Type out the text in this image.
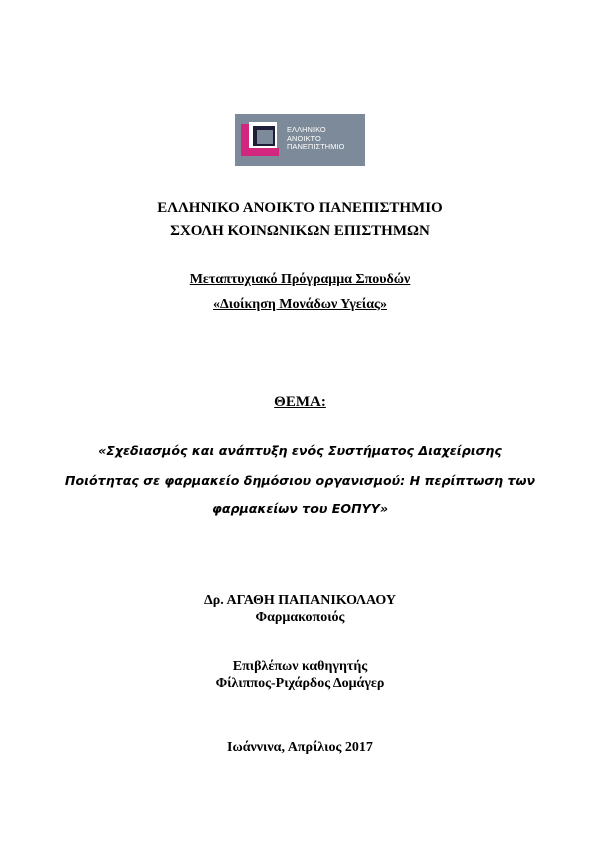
ΕΛΛΗΝΙΚΟ
ΑΝΟΙΚΤΟ
ΠΑΝΕΠΙΣΤΗΜΙΟ
ΕΛΛΗΝΙΚΟ ΑΝΟΙΚΤΟ ΠΑΝΕΠΙΣΤΗΜΙΟ
ΣΧΟΛΗ ΚΟΙΝΩΝΙΚΩΝ ΕΠΙΣΤΗΜΩΝ
Μεταπτυχιακό Πρόγραμμα Σπουδών
«Διοίκηση Μονάδων Υγείας»
ΘΕΜΑ:
«Σχεδιασμός και ανάπτυξη ενός Συστήματος Διαχείρισης
Ποιότητας σε φαρμακείο δημόσιου οργανισμού: Η περίπτωση των
φαρμακείων του ΕΟΠΥΥ»
Δρ. ΑΓΑΘΗ ΠΑΠΑΝΙΚΟΛΑΟΥ
Φαρμακοποιός
Επιβλέπων καθηγητής
Φίλιππος-Ριχάρδος Δομάγερ
Ιωάννινα, Απρίλιος 2017
